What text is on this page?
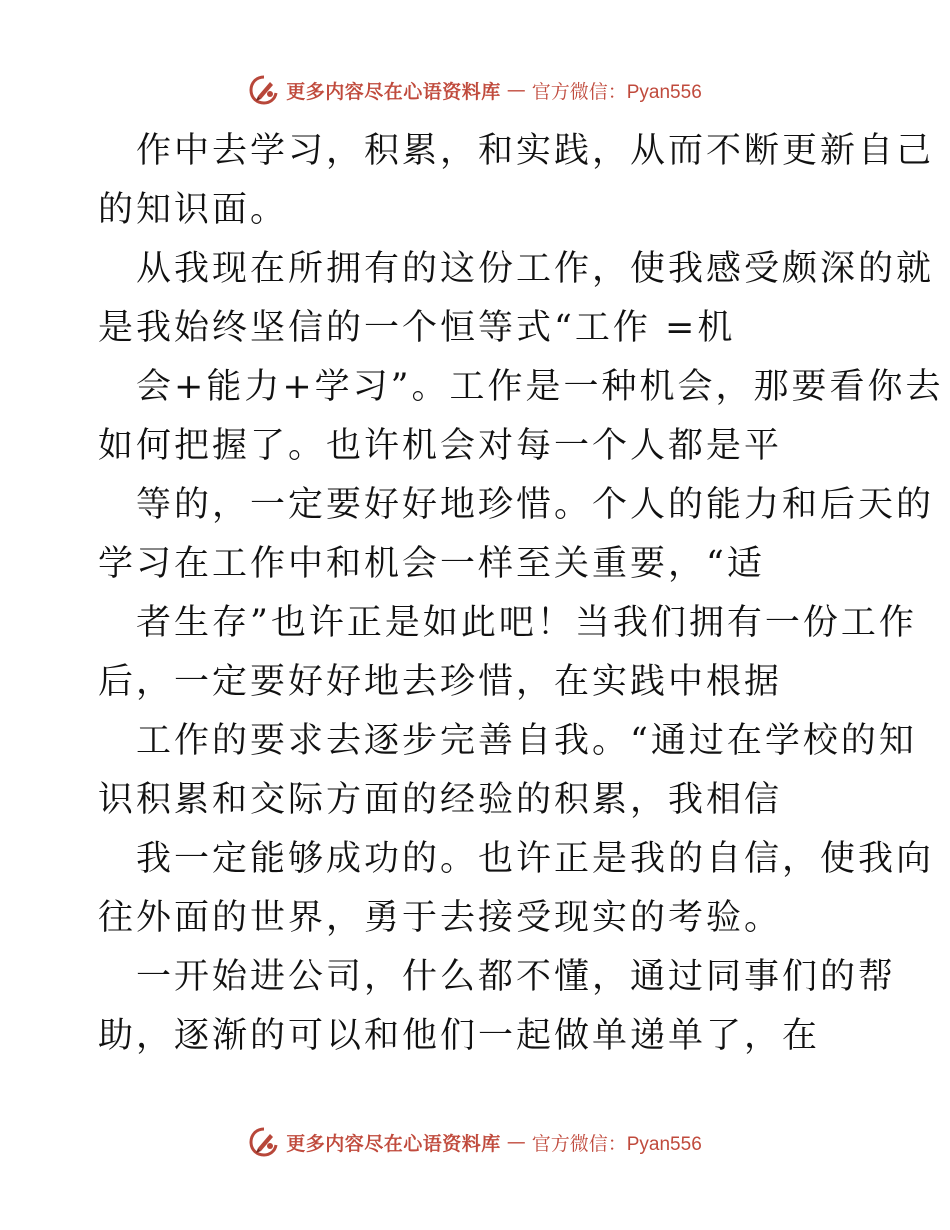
更多内容尽在心语资料库 — 官方微信：Pyan556
作中去学习，积累，和实践，从而不断更新自己
的知识面。
从我现在所拥有的这份工作，使我感受颇深的就
是我始终坚信的一个恒等式“工作 =机
会+能力+学习”。工作是一种机会，那要看你去
如何把握了。也许机会对每一个人都是平
等的，一定要好好地珍惜。个人的能力和后天的
学习在工作中和机会一样至关重要，“适
者生存”也许正是如此吧！当我们拥有一份工作
后，一定要好好地去珍惜，在实践中根据
工作的要求去逐步完善自我。“通过在学校的知
识积累和交际方面的经验的积累，我相信
我一定能够成功的。也许正是我的自信，使我向
往外面的世界，勇于去接受现实的考验。
一开始进公司，什么都不懂，通过同事们的帮
助，逐渐的可以和他们一起做单递单了，在
更多内容尽在心语资料库 — 官方微信：Pyan556
